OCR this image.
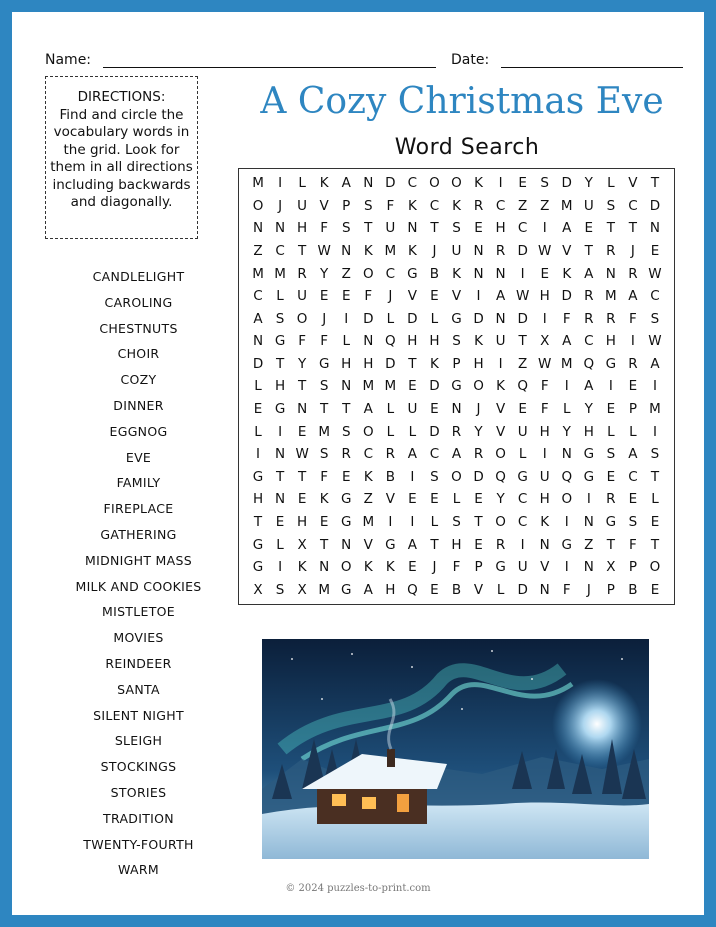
Name:	Date:
DIRECTIONS:
Find and circle the vocabulary words in the grid. Look for them in all directions including backwards and diagonally.
CANDLELIGHT
CAROLING
CHESTNUTS
CHOIR
COZY
DINNER
EGGNOG
EVE
FAMILY
FIREPLACE
GATHERING
MIDNIGHT MASS
MILK AND COOKIES
MISTLETOE
MOVIES
REINDEER
SANTA
SILENT NIGHT
SLEIGH
STOCKINGS
STORIES
TRADITION
TWENTY-FOURTH
WARM
A Cozy Christmas Eve
Word Search
M	I	L	K A N D C O O K	I	E	S D Y	L	V T
O	J	U V P	S	F	K C K R C Z Z M U S C D
N N H F	S	T U N T	S	E H C	I	A E	T	T N
Z C T W N K M K	J	U N R D W V T R	J	E
M M R Y Z O C G B K N N	I	E K A N R W
C	L U E	E	F	J	V E V	I	A W H D R M A C
A S O	J	I	D L D L G D N D	I	F R R F	S
N G F	F	L N Q H H S K U T X A C H	I W
D T	Y G H H D T	K	P H	I	Z W M Q G R A
L H T	S N M M E D G O K Q F	I	A	I	E	I
E G N T	T A	L U E N	J	V E	F	L	Y	E	P M
L	I	E M S O L	L D R Y V U H Y H L	L	I
I	N W S R C R A C A R O L	I	N G S A S
G T	T	F	E K B	I	S O D Q G U Q G E C T
H N E K G Z V E	E	L	E	Y C H O	I	R E	L
T	E H E G M	I	I	L	S	T O C K	I	N G S E
G L	X T N V G A T H E R	I	N G Z T	F	T
G	I	K N O K K E	J	F	P G U V	I	N X P O
X S X M G A H Q E B V	L D N F	J	P B E
© 2024 puzzles-to-print.com
